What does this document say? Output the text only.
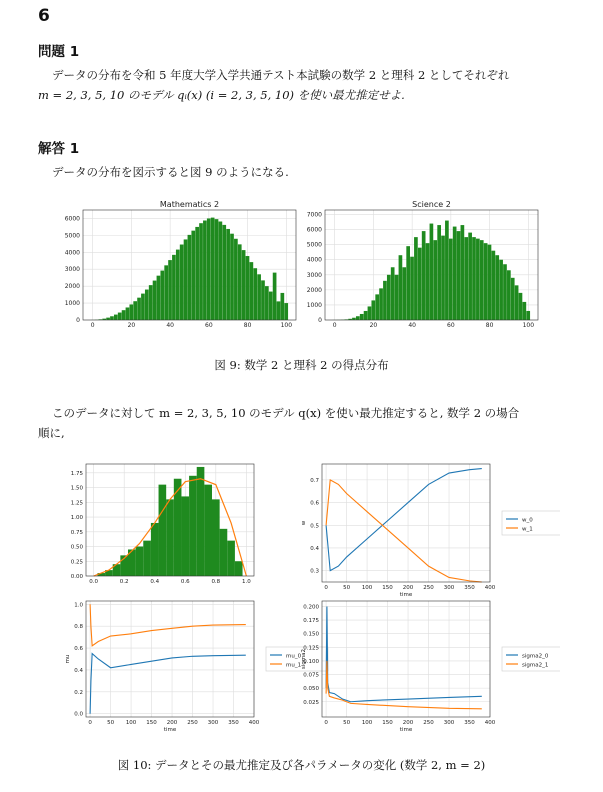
6
問題 1
データの分布を令和 5 年度大学入学共通テスト本試験の数学 2 と理科 2 としてそれぞれ
m = 2, 3, 5, 10 のモデル qᵢ(x) (i = 2, 3, 5, 10) を使い最尤推定せよ.
解答 1
データの分布を図示すると図 9 のようになる.
0	20	40	60	80	100
0
1000
2000
3000
4000
5000
6000
Mathematics 2
0	20	40	60	80	100
0
1000
2000
3000
4000
5000
6000
7000
Science 2
図 9: 数学 2 と理科 2 の得点分布
このデータに対して m = 2, 3, 5, 10 のモデル q(x) を使い最尤推定すると, 数学 2 の場合
順に,
0.0	0.2	0.4	0.6	0.8	1.0
0.00
0.25
0.50
0.75
1.00
1.25
1.50
1.75
w_0
w_1
0	50 100 150 200 250 300 350 400
0.3
0.4
0.5
0.6
0.7
time
w
mu_0
mu_1
0	50 100 150 200 250 300 350 400
0.0
0.2
0.4
0.6
0.8
1.0
time
mu	sigma2_0
sigma2_1
0	50 100 150 200 250 300 350 400
0.025
0.050
0.075
0.100
0.125
0.150
0.175
0.200
time
sigma2
図 10: データとその最尤推定及び各パラメータの変化 (数学 2, m = 2)
